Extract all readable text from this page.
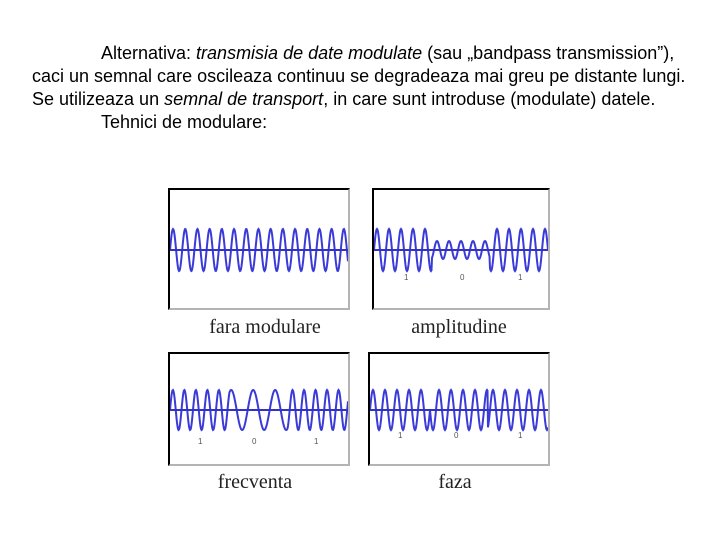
Alternativa: transmisia de date modulate (sau „bandpass transmission”), caci un semnal care oscileaza continuu se degradeaza mai greu pe distante lungi. Se utilizeaza un semnal de transport, in care sunt introduse (modulate) datele.

Tehnici de modulare:

fara modulare
1	0	1
amplitudine
1	0	1
frecventa
1	0	1
faza
